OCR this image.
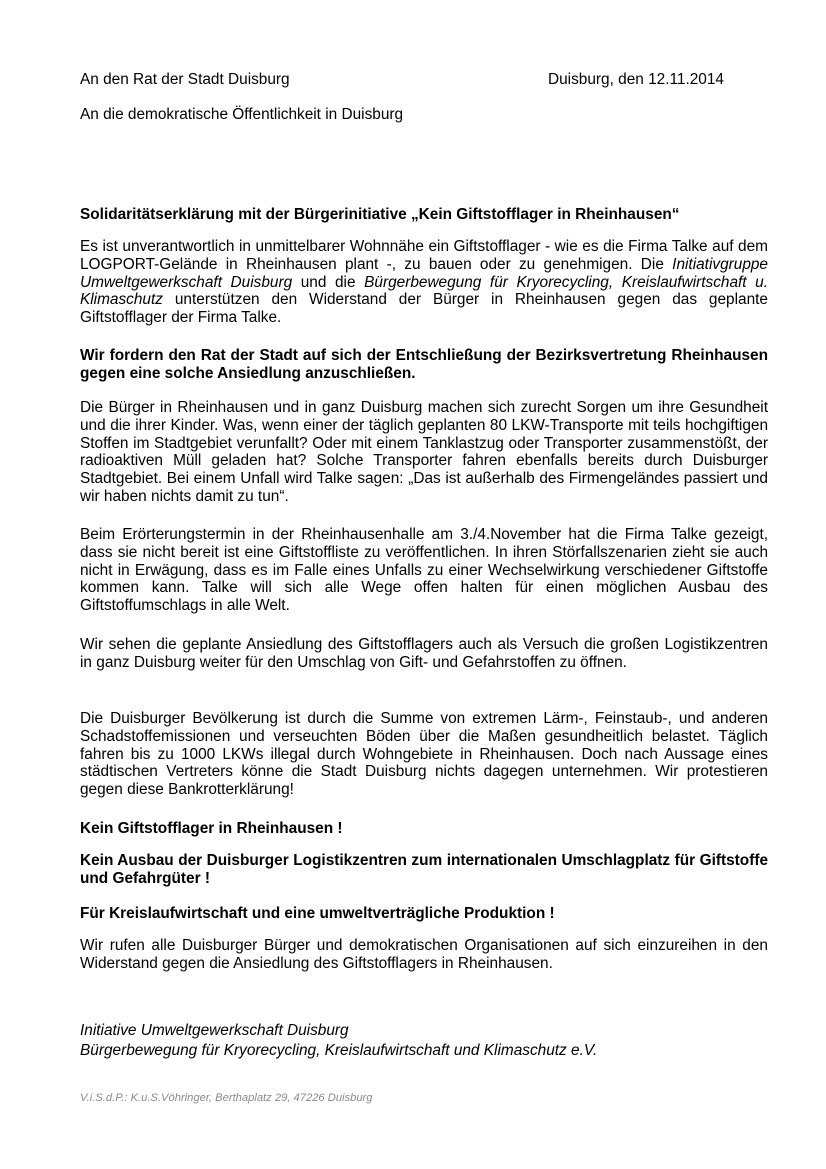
An den Rat der Stadt Duisburg	Duisburg, den 12.11.2014
An die demokratische Öffentlichkeit in Duisburg
Solidaritätserklärung mit der Bürgerinitiative „Kein Giftstofflager in Rheinhausen“
Es ist unverantwortlich in unmittelbarer Wohnnähe ein Giftstofflager - wie es die Firma Talke auf dem LOGPORT-Gelände in Rheinhausen plant -, zu bauen oder zu genehmigen. Die Initiativgruppe Umweltgewerkschaft Duisburg und die Bürgerbewegung für Kryorecycling, Kreislaufwirtschaft u. Klimaschutz unterstützen den Widerstand der Bürger in Rheinhausen gegen das geplante Giftstofflager der Firma Talke.
Wir fordern den Rat der Stadt auf sich der Entschließung der Bezirksvertretung Rheinhausen gegen eine solche Ansiedlung anzuschließen.
Die Bürger in Rheinhausen und in ganz Duisburg machen sich zurecht Sorgen um ihre Gesundheit und die ihrer Kinder. Was, wenn einer der täglich geplanten 80 LKW-Transporte mit teils hochgiftigen Stoffen im Stadtgebiet verunfallt? Oder mit einem Tanklastzug oder Transporter zusammenstößt, der radioaktiven Müll geladen hat? Solche Transporter fahren ebenfalls bereits durch Duisburger Stadtgebiet. Bei einem Unfall wird Talke sagen: „Das ist außerhalb des Firmengeländes passiert und wir haben nichts damit zu tun“.
Beim Erörterungstermin in der Rheinhausenhalle am 3./4.November hat die Firma Talke gezeigt, dass sie nicht bereit ist eine Giftstoffliste zu veröffentlichen. In ihren Störfallszenarien zieht sie auch nicht in Erwägung, dass es im Falle eines Unfalls zu einer Wechselwirkung verschiedener Giftstoffe kommen kann. Talke will sich alle Wege offen halten für einen möglichen Ausbau des Giftstoffumschlags in alle Welt.
Wir sehen die geplante Ansiedlung des Giftstofflagers auch als Versuch die großen Logistikzentren in ganz Duisburg weiter für den Umschlag von Gift- und Gefahrstoffen zu öffnen.
Die Duisburger Bevölkerung ist durch die Summe von extremen Lärm-, Feinstaub-, und anderen Schadstoffemissionen und verseuchten Böden über die Maßen gesundheitlich belastet. Täglich fahren bis zu 1000 LKWs illegal durch Wohngebiete in Rheinhausen. Doch nach Aussage eines städtischen Vertreters könne die Stadt Duisburg nichts dagegen unternehmen. Wir protestieren gegen diese Bankrotterklärung!
Kein Giftstofflager in Rheinhausen !
Kein Ausbau der Duisburger Logistikzentren zum internationalen Umschlagplatz für Giftstoffe und Gefahrgüter !
Für Kreislaufwirtschaft und eine umweltverträgliche Produktion !
Wir rufen alle Duisburger Bürger und demokratischen Organisationen auf sich einzureihen in den Widerstand gegen die Ansiedlung des Giftstofflagers in Rheinhausen.
Initiative Umweltgewerkschaft Duisburg
Bürgerbewegung für Kryorecycling, Kreislaufwirtschaft und Klimaschutz e.V.
V.i.S.d.P.: K.u.S.Vöhringer, Berthaplatz 29, 47226 Duisburg
